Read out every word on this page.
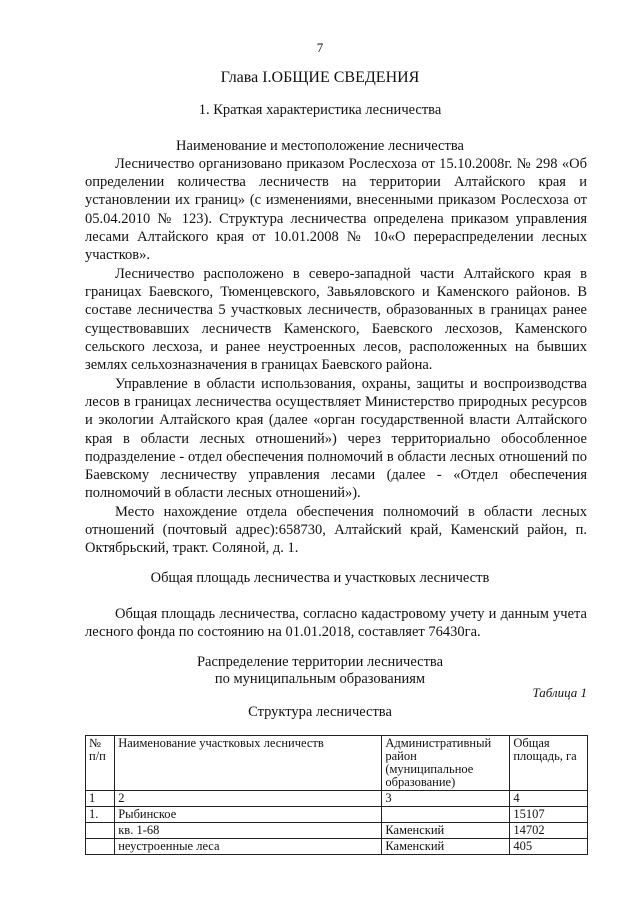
7
Глава I.ОБЩИЕ СВЕДЕНИЯ
1. Краткая характеристика лесничества
Наименование и местоположение лесничества

Лесничество организовано приказом Рослесхоза от 15.10.2008г. № 298 «Об определении количества лесничеств на территории Алтайского края и установлении их границ» (с изменениями, внесенными приказом Рослесхоза от 05.04.2010 № 123). Структура лесничества определена приказом управления лесами Алтайского края от 10.01.2008 № 10«О перераспределении лесных участков».

Лесничество расположено в северо-западной части Алтайского края в границах Баевского, Тюменцевского, Завьяловского и Каменского районов. В составе лесничества 5 участковых лесничеств, образованных в границах ранее существовавших лесничеств Каменского, Баевского лесхозов, Каменского сельского лесхоза, и ранее неустроенных лесов, расположенных на бывших землях сельхозназначения в границах Баевского района.

Управление в области использования, охраны, защиты и воспроизводства лесов в границах лесничества осуществляет Министерство природных ресурсов и экологии Алтайского края (далее «орган государственной власти Алтайского края в области лесных отношений») через территориально обособленное подразделение - отдел обеспечения полномочий в области лесных отношений по Баевскому лесничеству управления лесами (далее - «Отдел обеспечения полномочий в области лесных отношений»).

Место нахождение отдела обеспечения полномочий в области лесных отношений (почтовый адрес):658730, Алтайский край, Каменский район, п. Октябрьский, тракт. Соляной, д. 1.

Общая площадь лесничества и участковых лесничеств

Общая площадь лесничества, согласно кадастровому учету и данным учета лесного фонда по состоянию на 01.01.2018, составляет 76430га.

Распределение территории лесничества
по муниципальным образованиям
Таблица 1
Структура лесничества
№ п/п	Наименование участковых лесничеств	Административный район (муниципальное образование)	Общая площадь, га
1	2	3	4
1.	Рыбинское		15107
	кв. 1-68	Каменский	14702
	неустроенные леса	Каменский	405
